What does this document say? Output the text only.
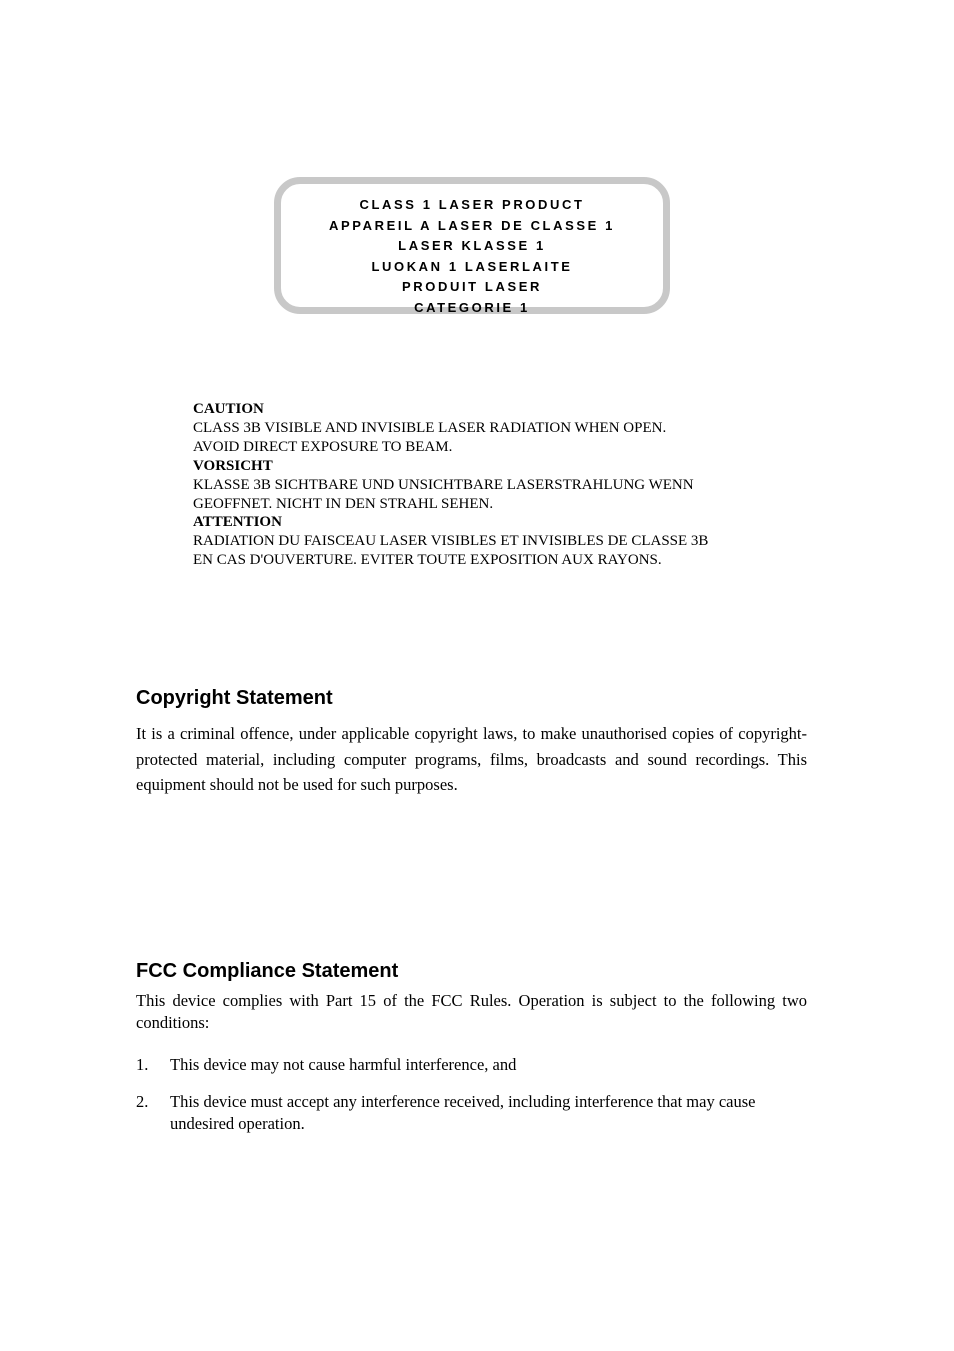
CLASS 1 LASER PRODUCT
APPAREIL A LASER DE CLASSE 1
LASER KLASSE 1
LUOKAN 1 LASERLAITE
PRODUIT LASER
CATEGORIE 1
CAUTION
CLASS 3B VISIBLE AND INVISIBLE LASER RADIATION WHEN OPEN.
AVOID DIRECT EXPOSURE TO BEAM.
VORSICHT
KLASSE 3B SICHTBARE UND UNSICHTBARE LASERSTRAHLUNG WENN
GEOFFNET. NICHT IN DEN STRAHL SEHEN.
ATTENTION
RADIATION DU FAISCEAU LASER VISIBLES ET INVISIBLES DE CLASSE 3B
EN CAS D'OUVERTURE. EVITER TOUTE EXPOSITION AUX RAYONS.
Copyright Statement
It is a criminal offence, under applicable copyright laws, to make unauthorised copies of copyright-protected material, including computer programs, films, broadcasts and sound recordings. This equipment should not be used for such purposes.
FCC Compliance Statement
This device complies with Part 15 of the FCC Rules. Operation is subject to the following two conditions:
1. This device may not cause harmful interference, and
2. This device must accept any interference received, including interference that may cause undesired operation.
